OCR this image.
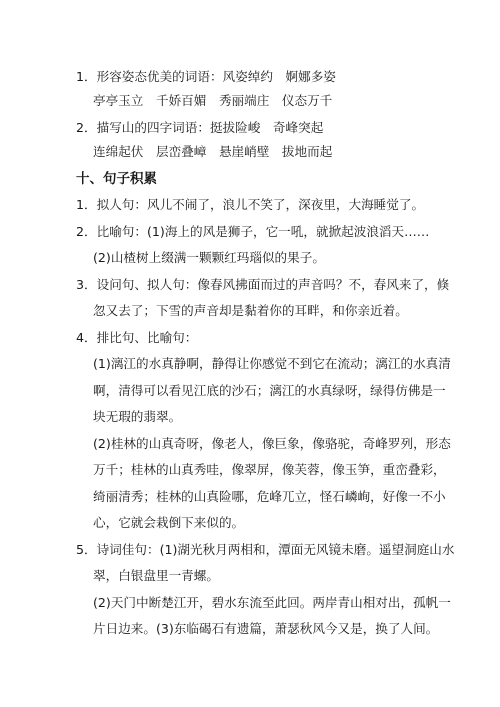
1．形容姿态优美的词语：风姿绰约　婀娜多姿
亭亭玉立　千娇百媚　秀丽端庄　仪态万千
2．描写山的四字词语：挺拔险峻　奇峰突起
连绵起伏　层峦叠嶂　悬崖峭壁　拔地而起
十、句子积累
1．拟人句：风儿不闹了，浪儿不笑了，深夜里，大海睡觉了。
2．比喻句：(1)海上的风是狮子，它一吼，就掀起波浪滔天……
(2)山楂树上缀满一颗颗红玛瑙似的果子。
3．设问句、拟人句：像春风拂面而过的声音吗？不，春风来了，倏
忽又去了；下雪的声音却是黏着你的耳畔，和你亲近着。
4．排比句、比喻句：
(1)漓江的水真静啊，静得让你感觉不到它在流动；漓江的水真清
啊，清得可以看见江底的沙石；漓江的水真绿呀，绿得仿佛是一
块无瑕的翡翠。
(2)桂林的山真奇呀，像老人，像巨象，像骆驼，奇峰罗列，形态
万千；桂林的山真秀哇，像翠屏，像芙蓉，像玉笋，重峦叠彩，
绮丽清秀；桂林的山真险哪，危峰兀立，怪石嶙峋，好像一不小
心，它就会栽倒下来似的。
5．诗词佳句：(1)湖光秋月两相和，潭面无风镜未磨。遥望洞庭山水
翠，白银盘里一青螺。
(2)天门中断楚江开，碧水东流至此回。两岸青山相对出，孤帆一
片日边来。(3)东临碣石有遗篇，萧瑟秋风今又是，换了人间。
